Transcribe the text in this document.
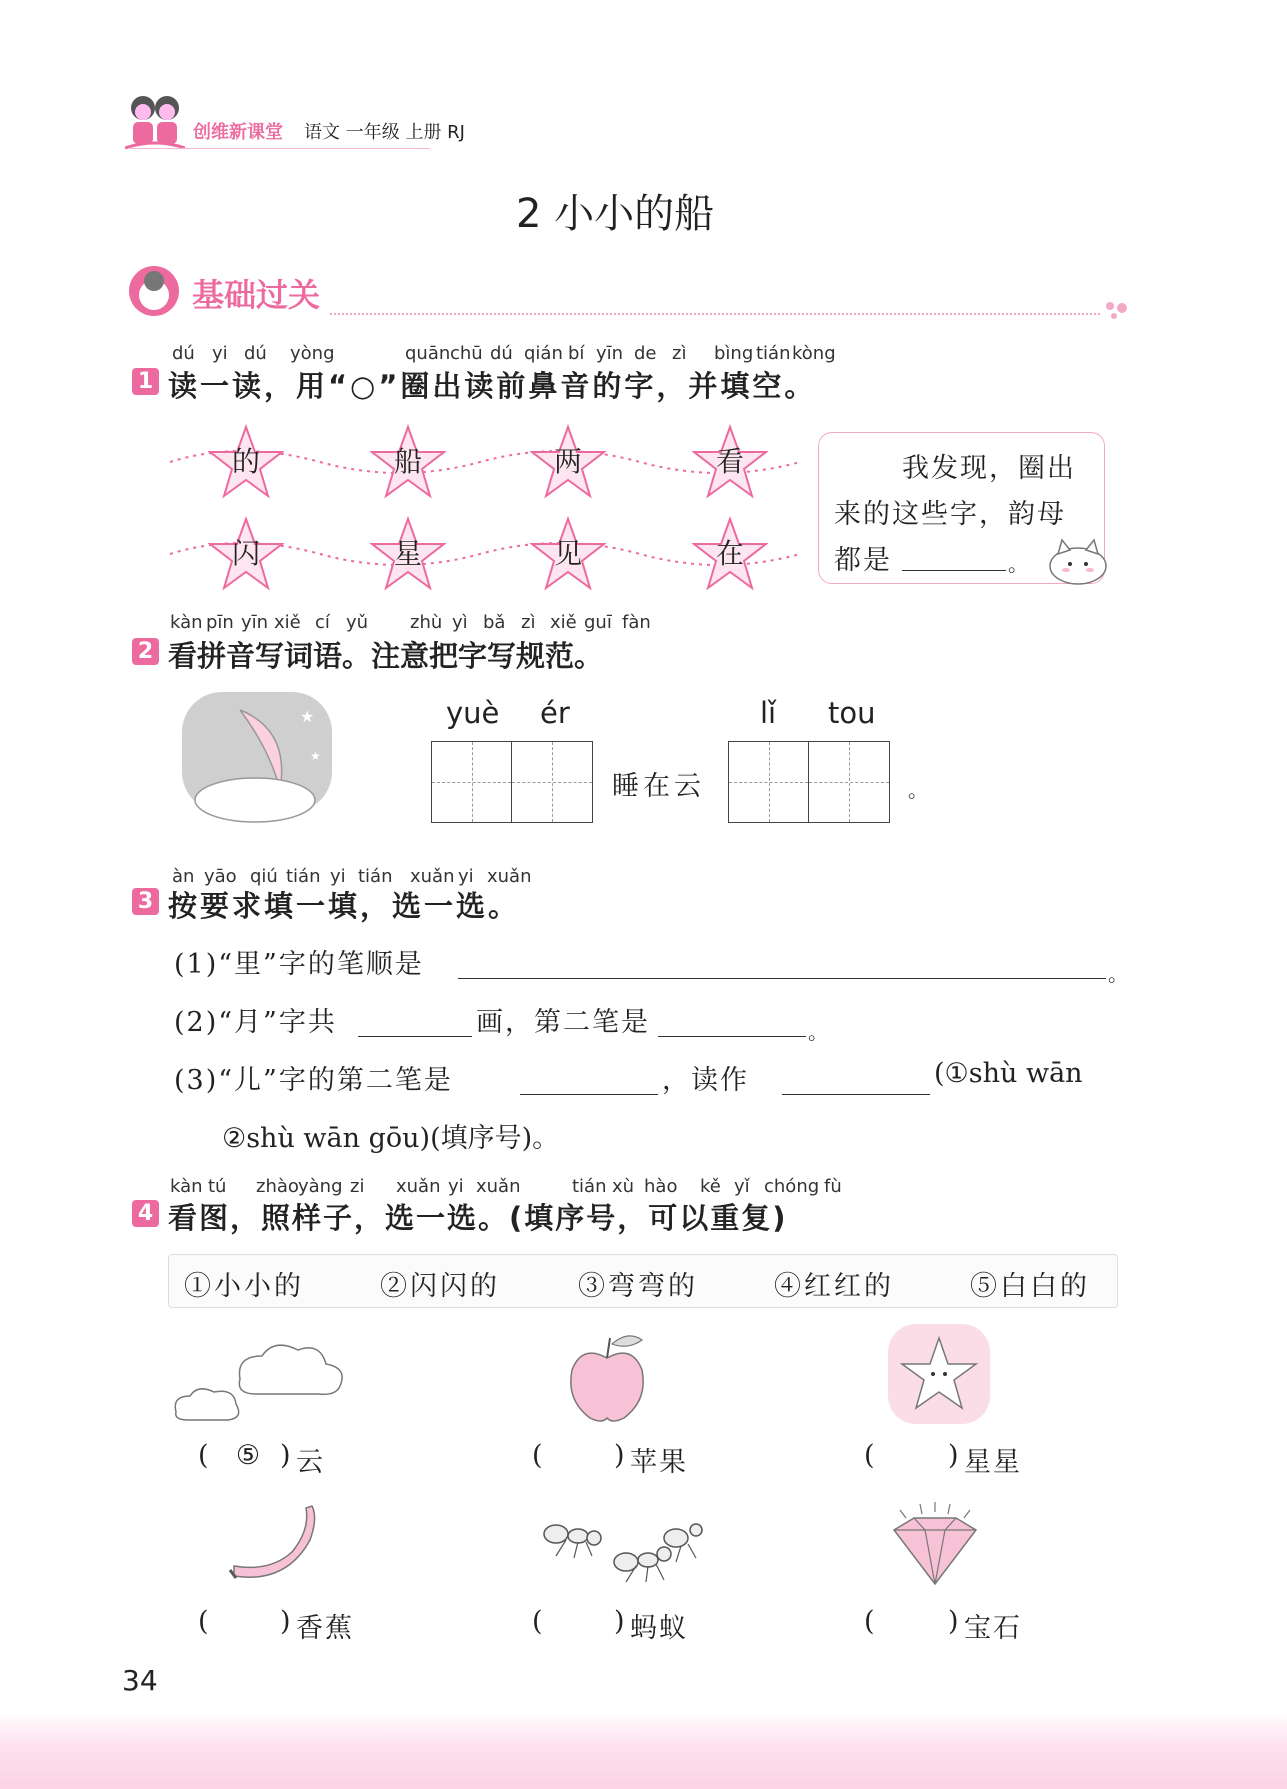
创维新课堂 语文 一年级 上册 RJ
2 小小的船
基础过关
dú yi dú yòng	quān chū dú qián bí yīn de zì bìng tián kòng
1 读一读，用“○”圈出读前鼻音的字，并填空。
的	船	两	看
闪	星	见	在
我发现，圈出
来的这些字，韵母
都是	。
kàn pīn yīn xiě cí yǔ zhù yì bǎ zì xiě guī fàn
2 看拼音写词语。注意把字写规范。
★
★
yuè ér
睡在云
lǐ tou
。
àn yāo qiú tián yi tián xuǎn yi xuǎn
3 按要求填一填，选一选。
(1)“里”字的笔顺是	。
(2)“月”字共	画，第二笔是	。
(3)“儿”字的第二笔是	，读作	(①shù wān
②shù wān gōu)(填序号)。
kàn tú zhào yàng zi xuǎn yi xuǎn	tián xù hào kě yǐ chóng fù
4 看图，照样子，选一选。(填序号，可以重复)
①小小的	②闪闪的	③弯弯的	④红红的	⑤白白的
( ⑤ ) 云	(	) 苹果	(	) 星星
(	) 香蕉	(	) 蚂蚁	(	) 宝石
34
